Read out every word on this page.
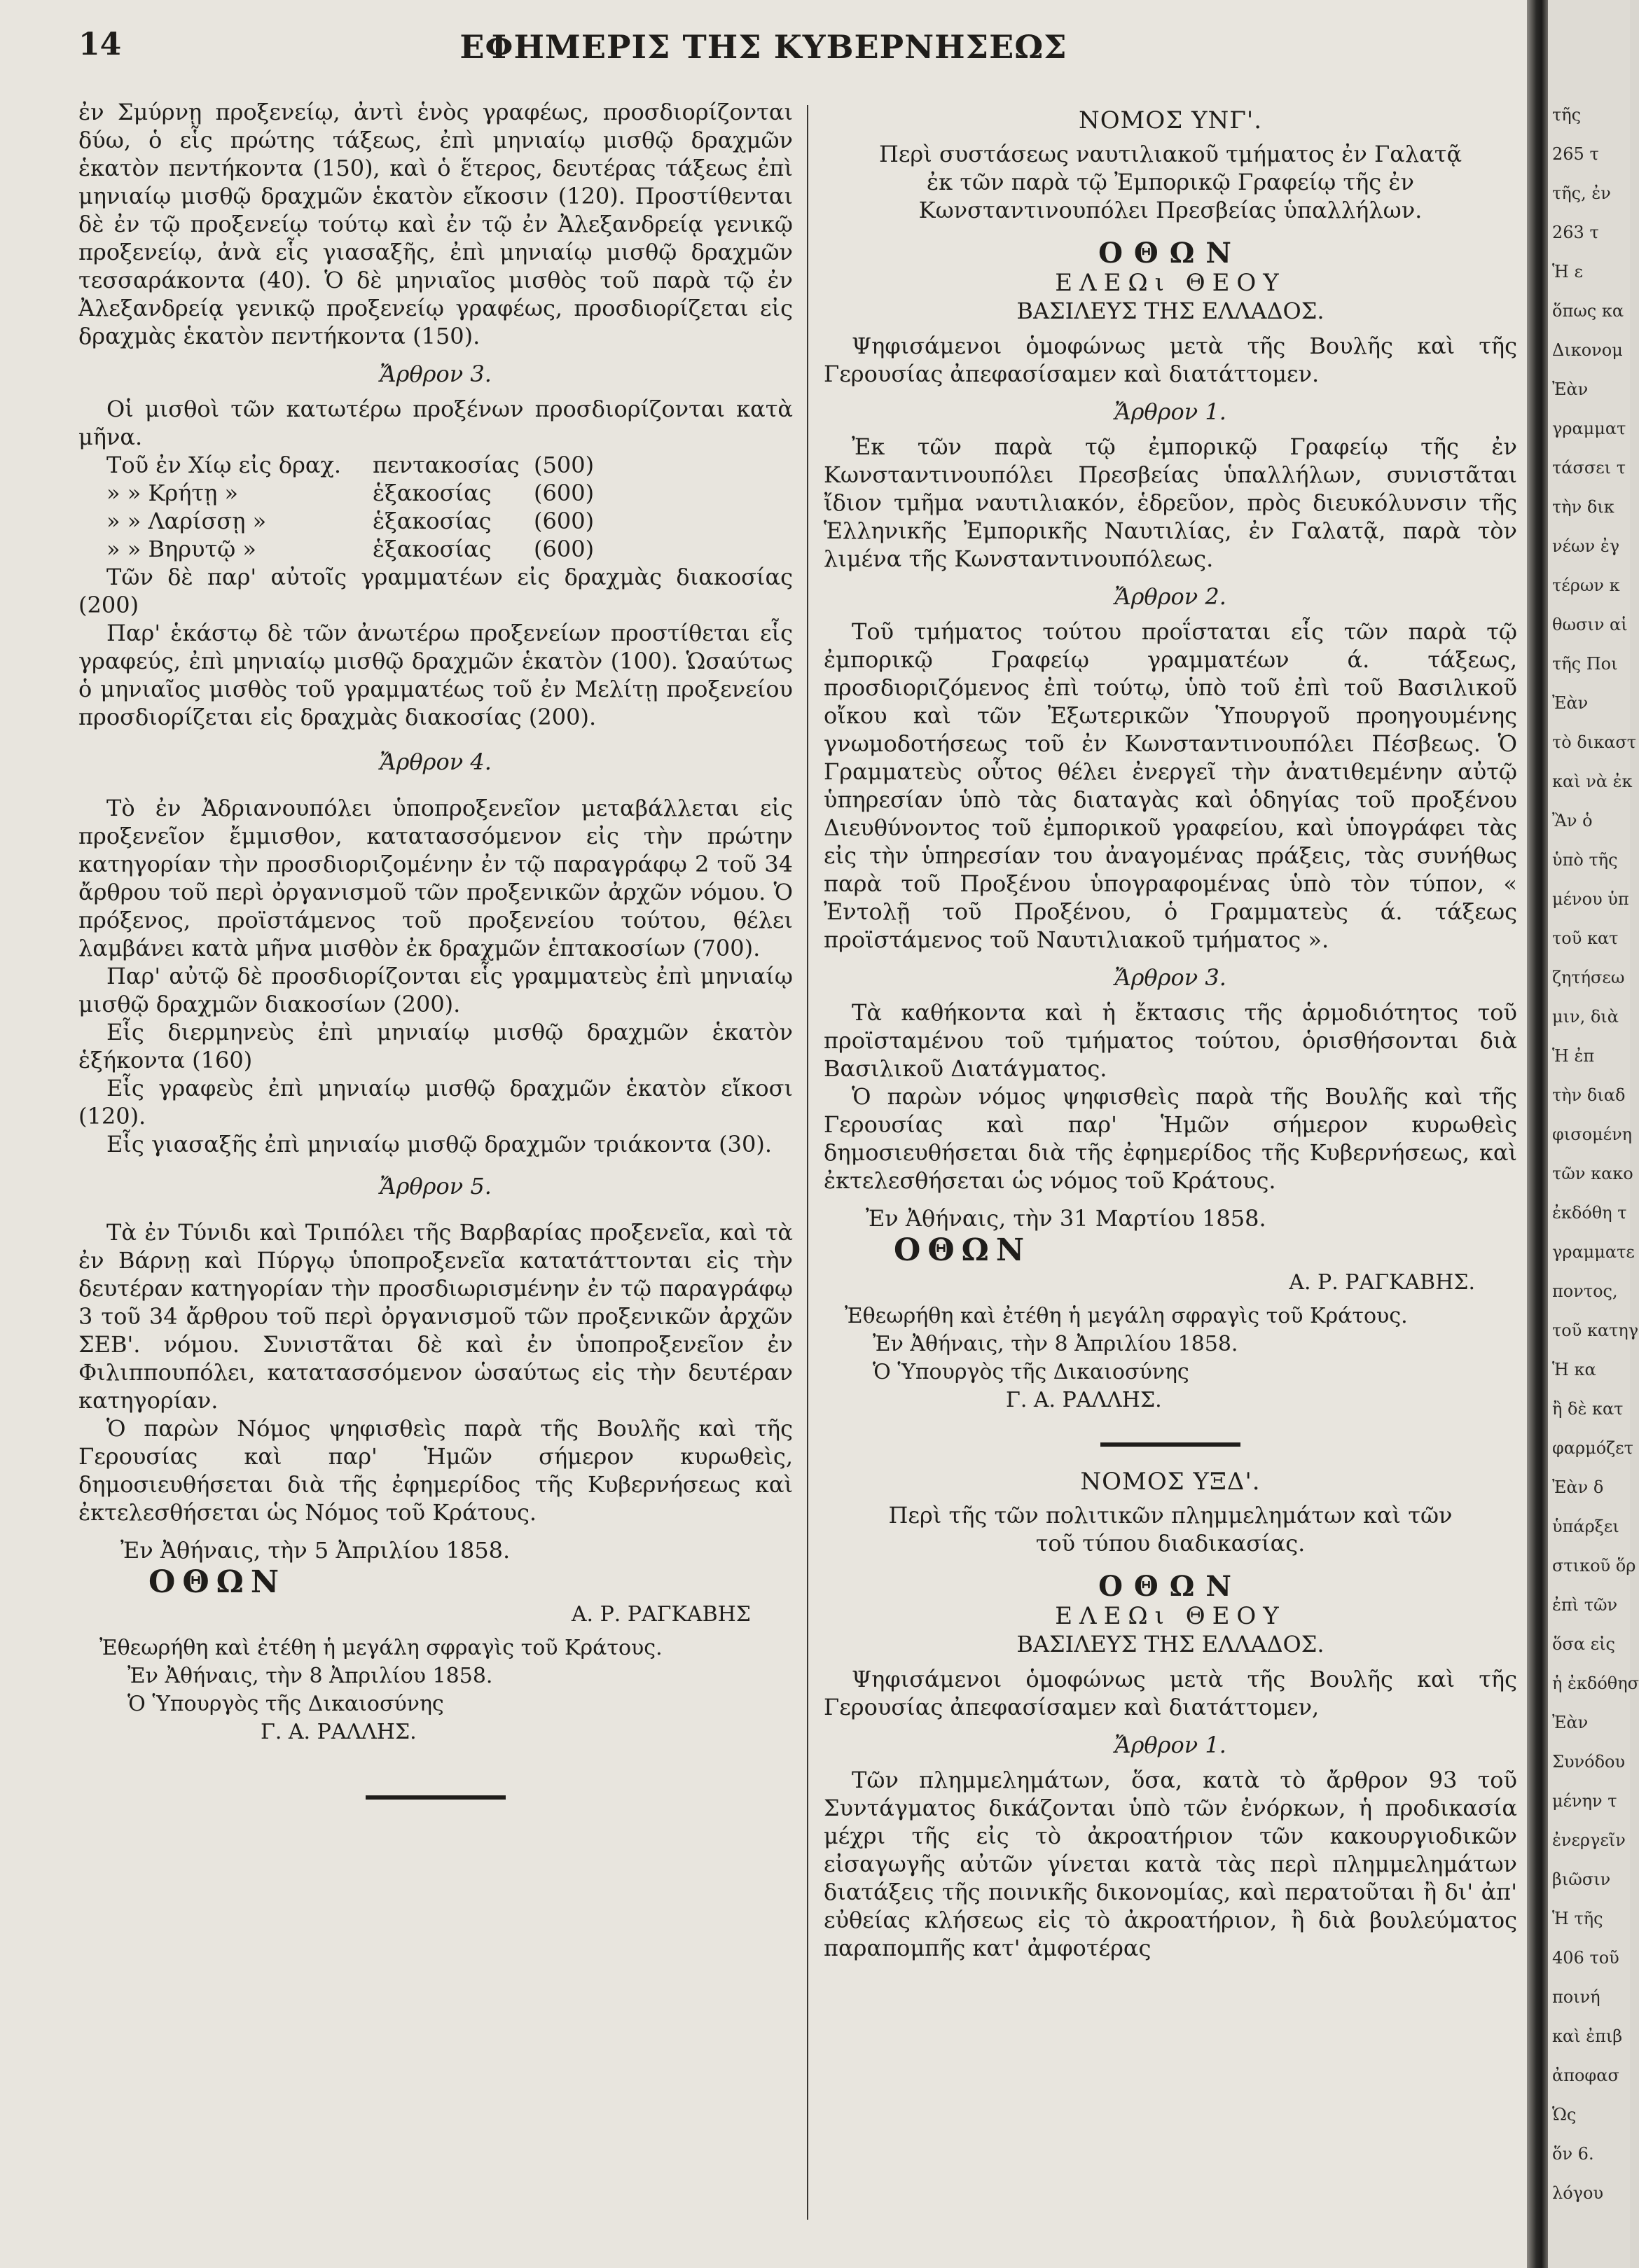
14	ΕΦΗΜΕΡΙΣ ΤΗΣ ΚΥΒΕΡΝΗΣΕΩΣ

ἐν Σμύρνῃ προξενείῳ, ἀντὶ ἑνὸς γραφέως, προσδιορίζονται δύω, ὁ εἷς πρώτης τάξεως, ἐπὶ μηνιαίῳ μισθῷ δραχμῶν ἑκατὸν πεντήκοντα (150), καὶ ὁ ἕτερος, δευτέρας τάξεως ἐπὶ μηνιαίῳ μισθῷ δραχμῶν ἑκατὸν εἴκοσιν (120). Προστίθενται δὲ ἐν τῷ προξενείῳ τούτῳ καὶ ἐν τῷ ἐν Ἀλεξανδρείᾳ γενικῷ προξενείῳ, ἀνὰ εἷς γιασαξῆς, ἐπὶ μηνιαίῳ μισθῷ δραχμῶν τεσσαράκοντα (40). Ὁ δὲ μηνιαῖος μισθὸς τοῦ παρὰ τῷ ἐν Ἀλεξανδρείᾳ γενικῷ προξενείῳ γραφέως, προσδιορίζεται εἰς δραχμὰς ἑκατὸν πεντήκοντα (150).

Ἄρθρον 3.

Οἱ μισθοὶ τῶν κατωτέρω προξένων προσδιορίζονται κατὰ μῆνα.

Τοῦ ἐν Χίῳ εἰς δραχ.	πεντακοσίας (500)
» » Κρήτῃ »	ἑξακοσίας	(600)
» » Λαρίσσῃ »	ἑξακοσίας	(600)
» » Βηρυτῷ »	ἑξακοσίας	(600)

Τῶν δὲ παρ' αὐτοῖς γραμματέων εἰς δραχμὰς διακοσίας (200)

Παρ' ἑκάστῳ δὲ τῶν ἀνωτέρω προξενείων προστίθεται εἷς γραφεύς, ἐπὶ μηνιαίῳ μισθῷ δραχμῶν ἑκατὸν (100). Ὡσαύτως ὁ μηνιαῖος μισθὸς τοῦ γραμματέως τοῦ ἐν Μελίτῃ προξενείου προσδιορίζεται εἰς δραχμὰς διακοσίας (200).

Ἄρθρον 4.

Τὸ ἐν Ἀδριανουπόλει ὑποπροξενεῖον μεταβάλλεται εἰς προξενεῖον ἔμμισθον, κατατασσόμενον εἰς τὴν πρώτην κατηγορίαν τὴν προσδιοριζομένην ἐν τῷ παραγράφῳ 2 τοῦ 34 ἄρθρου τοῦ περὶ ὀργανισμοῦ τῶν προξενικῶν ἀρχῶν νόμου. Ὁ πρόξενος, προϊστάμενος τοῦ προξενείου τούτου, θέλει λαμβάνει κατὰ μῆνα μισθὸν ἐκ δραχμῶν ἑπτακοσίων (700).

Παρ' αὐτῷ δὲ προσδιορίζονται εἷς γραμματεὺς ἐπὶ μηνιαίῳ μισθῷ δραχμῶν διακοσίων (200).

Εἷς διερμηνεὺς ἐπὶ μηνιαίῳ μισθῷ δραχμῶν ἑκατὸν ἑξήκοντα (160)

Εἷς γραφεὺς ἐπὶ μηνιαίῳ μισθῷ δραχμῶν ἑκατὸν εἴκοσι (120).

Εἷς γιασαξῆς ἐπὶ μηνιαίῳ μισθῷ δραχμῶν τριάκοντα (30).

Ἄρθρον 5.

Τὰ ἐν Τύνιδι καὶ Τριπόλει τῆς Βαρβαρίας προξενεῖα, καὶ τὰ ἐν Βάρνῃ καὶ Πύργῳ ὑποπροξενεῖα κατατάττονται εἰς τὴν δευτέραν κατηγορίαν τὴν προσδιωρισμένην ἐν τῷ παραγράφῳ 3 τοῦ 34 ἄρθρου τοῦ περὶ ὀργανισμοῦ τῶν προξενικῶν ἀρχῶν ΣΕΒ'. νόμου. Συνιστᾶται δὲ καὶ ἐν ὑποπροξενεῖον ἐν Φιλιππουπόλει, κατατασσόμενον ὡσαύτως εἰς τὴν δευτέραν κατηγορίαν.

Ὁ παρὼν Νόμος ψηφισθεὶς παρὰ τῆς Βουλῆς καὶ τῆς Γερουσίας καὶ παρ' Ἡμῶν σήμερον κυρωθεὶς, δημοσιευθήσεται διὰ τῆς ἐφημερίδος τῆς Κυβερνήσεως καὶ ἐκτελεσθήσεται ὡς Νόμος τοῦ Κράτους.

Ἐν Ἀθήναις, τὴν 5 Ἀπριλίου 1858.
ΟΘΩΝ
Α. Ρ. ΡΑΓΚΑΒΗΣ
Ἐθεωρήθη καὶ ἐτέθη ἡ μεγάλη σφραγὶς τοῦ Κράτους.
Ἐν Ἀθήναις, τὴν 8 Ἀπριλίου 1858.
Ὁ Ὑπουργὸς τῆς Δικαιοσύνης
Γ. Α. ΡΑΛΛΗΣ.
ΝΟΜΟΣ ΥΝΓ'.
Περὶ συστάσεως ναυτιλιακοῦ τμήματος ἐν Γαλατᾷ ἐκ τῶν παρὰ τῷ Ἐμπορικῷ Γραφείῳ τῆς ἐν Κωνσταντινουπόλει Πρεσβείας ὑπαλλήλων.
ΟΘΩΝ
ΕΛΕΩι ΘΕΟΥ
ΒΑΣΙΛΕΥΣ ΤΗΣ ΕΛΛΑΔΟΣ.

Ψηφισάμενοι ὁμοφώνως μετὰ τῆς Βουλῆς καὶ τῆς Γερουσίας ἀπεφασίσαμεν καὶ διατάττομεν.

Ἄρθρον 1.

Ἐκ τῶν παρὰ τῷ ἐμπορικῷ Γραφείῳ τῆς ἐν Κωνσταντινουπόλει Πρεσβείας ὑπαλλήλων, συνιστᾶται ἴδιον τμῆμα ναυτιλιακόν, ἑδρεῦον, πρὸς διευκόλυνσιν τῆς Ἑλληνικῆς Ἐμπορικῆς Ναυτιλίας, ἐν Γαλατᾷ, παρὰ τὸν λιμένα τῆς Κωνσταντινουπόλεως.

Ἄρθρον 2.

Τοῦ τμήματος τούτου προΐσταται εἷς τῶν παρὰ τῷ ἐμπορικῷ Γραφείῳ γραμματέων ά. τάξεως, προσδιοριζόμενος ἐπὶ τούτῳ, ὑπὸ τοῦ ἐπὶ τοῦ Βασιλικοῦ οἴκου καὶ τῶν Ἐξωτερικῶν Ὑπουργοῦ προηγουμένης γνωμοδοτήσεως τοῦ ἐν Κωνσταντινουπόλει Πέσβεως. Ὁ Γραμματεὺς οὗτος θέλει ἐνεργεῖ τὴν ἀνατιθεμένην αὐτῷ ὑπηρεσίαν ὑπὸ τὰς διαταγὰς καὶ ὁδηγίας τοῦ προξένου Διευθύνοντος τοῦ ἐμπορικοῦ γραφείου, καὶ ὑπογράφει τὰς εἰς τὴν ὑπηρεσίαν του ἀναγομένας πράξεις, τὰς συνήθως παρὰ τοῦ Προξένου ὑπογραφομένας ὑπὸ τὸν τύπον, « Ἐντολῇ τοῦ Προξένου, ὁ Γραμματεὺς ά. τάξεως προϊστάμενος τοῦ Ναυτιλιακοῦ τμήματος ».

Ἄρθρον 3.

Τὰ καθήκοντα καὶ ἡ ἔκτασις τῆς ἁρμοδιότητος τοῦ προϊσταμένου τοῦ τμήματος τούτου, ὁρισθήσονται διὰ Βασιλικοῦ Διατάγματος.

Ὁ παρὼν νόμος ψηφισθεὶς παρὰ τῆς Βουλῆς καὶ τῆς Γερουσίας καὶ παρ' Ἡμῶν σήμερον κυρωθεὶς δημοσιευθήσεται διὰ τῆς ἐφημερίδος τῆς Κυβερνήσεως, καὶ ἐκτελεσθήσεται ὡς νόμος τοῦ Κράτους.

Ἐν Ἀθήναις, τὴν 31 Μαρτίου 1858.
ΟΘΩΝ
Α. Ρ. ΡΑΓΚΑΒΗΣ.
Ἐθεωρήθη καὶ ἐτέθη ἡ μεγάλη σφραγὶς τοῦ Κράτους.
Ἐν Ἀθήναις, τὴν 8 Ἀπριλίου 1858.
Ὁ Ὑπουργὸς τῆς Δικαιοσύνης
Γ. Α. ΡΑΛΛΗΣ.
ΝΟΜΟΣ ΥΞΔ'.
Περὶ τῆς τῶν πολιτικῶν πλημμελημάτων καὶ τῶν τοῦ τύπου διαδικασίας.
ΟΘΩΝ
ΕΛΕΩι ΘΕΟΥ
ΒΑΣΙΛΕΥΣ ΤΗΣ ΕΛΛΑΔΟΣ.

Ψηφισάμενοι ὁμοφώνως μετὰ τῆς Βουλῆς καὶ τῆς Γερουσίας ἀπεφασίσαμεν καὶ διατάττομεν,

Ἄρθρον 1.

Τῶν πλημμελημάτων, ὅσα, κατὰ τὸ ἄρθρον 93 τοῦ Συντάγματος δικάζονται ὑπὸ τῶν ἐνόρκων, ἡ προδικασία μέχρι τῆς εἰς τὸ ἀκροατήριον τῶν κακουργιοδικῶν εἰσαγωγῆς αὐτῶν γίνεται κατὰ τὰς περὶ πλημμελημάτων διατάξεις τῆς ποινικῆς δικονομίας, καὶ περατοῦται ἢ δι' ἀπ' εὐθείας κλήσεως εἰς τὸ ἀκροατήριον, ἢ διὰ βουλεύματος παραπομπῆς κατ' ἀμφοτέρας

τῆς
265 τ
τῆς, ἐν
263 τ
Ἡ ε
ὅπως κα
Δικονομ
Ἐὰν
γραμματ
τάσσει τ
τὴν δικ
νέων ἐγ
τέρων κ
θωσιν αἱ
τῆς Ποι
Ἐὰν
τὸ δικαστ
καὶ νὰ ἐκ
Ἂν ὁ
ὑπὸ τῆς
μένου ὑπ
τοῦ κατ
ζητήσεω
μιν, διὰ
Ἡ ἐπ
τὴν διαδ
φισομένη
τῶν κακο
ἐκδόθη τ
γραμματε
ποντος,
τοῦ κατηγ
Ἡ κα
ἢ δὲ κατ
φαρμόζετ
Ἐὰν δ
ὑπάρξει
στικοῦ ὅρ
ἐπὶ τῶν
ὅσα εἰς
ἡ ἐκδόθησ
Ἐὰν
Συνόδου
μένην τ
ἐνεργεῖν
βιῶσιν
Ἡ τῆς
406 τοῦ
ποινή
καὶ ἐπιβ
ἀποφασ
Ὡς
ὅν 6.
λόγου
